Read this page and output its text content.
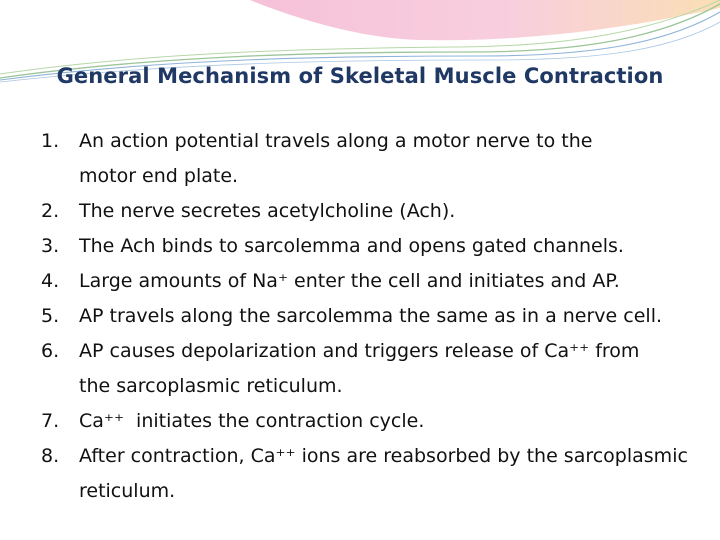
General Mechanism of Skeletal Muscle Contraction
1.	An action potential travels along a motor nerve to the
motor end plate.
2.	The nerve secretes acetylcholine (Ach).
3.	The Ach binds to sarcolemma and opens gated channels.
4.	Large amounts of Na⁺ enter the cell and initiates and AP.
5.	AP travels along the sarcolemma the same as in a nerve cell.
6.	AP causes depolarization and triggers release of Ca⁺⁺ from
the sarcoplasmic reticulum.
7.	Ca⁺⁺  initiates the contraction cycle.
8.	After contraction, Ca⁺⁺ ions are reabsorbed by the sarcoplasmic
reticulum.
